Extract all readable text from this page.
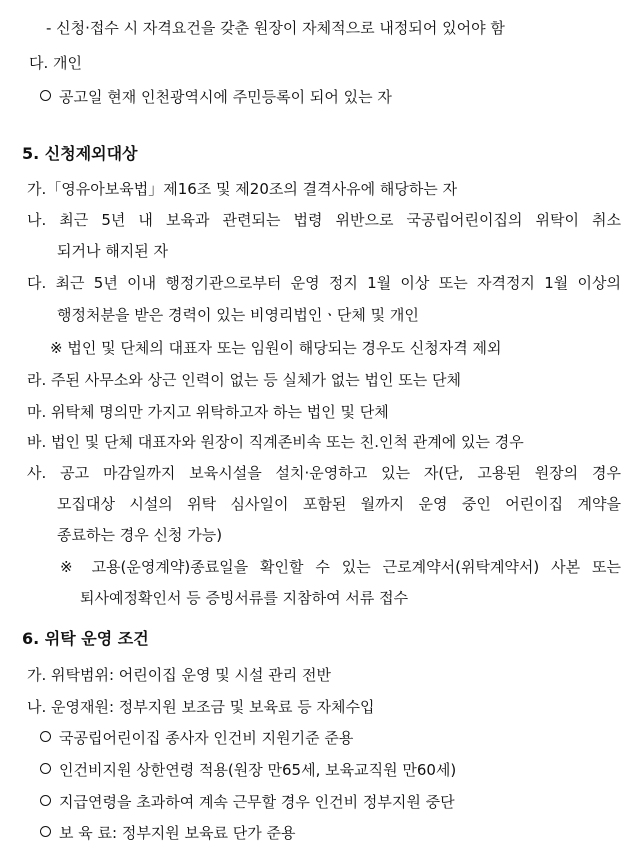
- 신청·접수 시 자격요건을 갖춘 원장이 자체적으로 내정되어 있어야 함
다. 개인
공고일 현재 인천광역시에 주민등록이 되어 있는 자
5. 신청제외대상
가.「영유아보육법」제16조 및 제20조의 결격사유에 해당하는 자
나. 최근 5년 내 보육과 관련되는 법령 위반으로 국공립어린이집의 위탁이 취소
되거나 해지된 자
다. 최근 5년 이내 행정기관으로부터 운영 정지 1월 이상 또는 자격정지 1월 이상의
행정처분을 받은 경력이 있는 비영리법인ㆍ단체 및 개인
※ 법인 및 단체의 대표자 또는 임원이 해당되는 경우도 신청자격 제외
라. 주된 사무소와 상근 인력이 없는 등 실체가 없는 법인 또는 단체
마. 위탁체 명의만 가지고 위탁하고자 하는 법인 및 단체
바. 법인 및 단체 대표자와 원장이 직계존비속 또는 친.인척 관계에 있는 경우
사. 공고 마감일까지 보육시설을 설치·운영하고 있는 자(단, 고용된 원장의 경우
모집대상 시설의 위탁 심사일이 포함된 월까지 운영 중인 어린이집 계약을
종료하는 경우 신청 가능)
※ 고용(운영계약)종료일을 확인할 수 있는 근로계약서(위탁계약서) 사본 또는
퇴사예정확인서 등 증빙서류를 지참하여 서류 접수
6. 위탁 운영 조건
가. 위탁범위: 어린이집 운영 및 시설 관리 전반
나. 운영재원: 정부지원 보조금 및 보육료 등 자체수입
국공립어린이집 종사자 인건비 지원기준 준용
인건비지원 상한연령 적용(원장 만65세, 보육교직원 만60세)
지급연령을 초과하여 계속 근무할 경우 인건비 정부지원 중단
보 육 료: 정부지원 보육료 단가 준용
